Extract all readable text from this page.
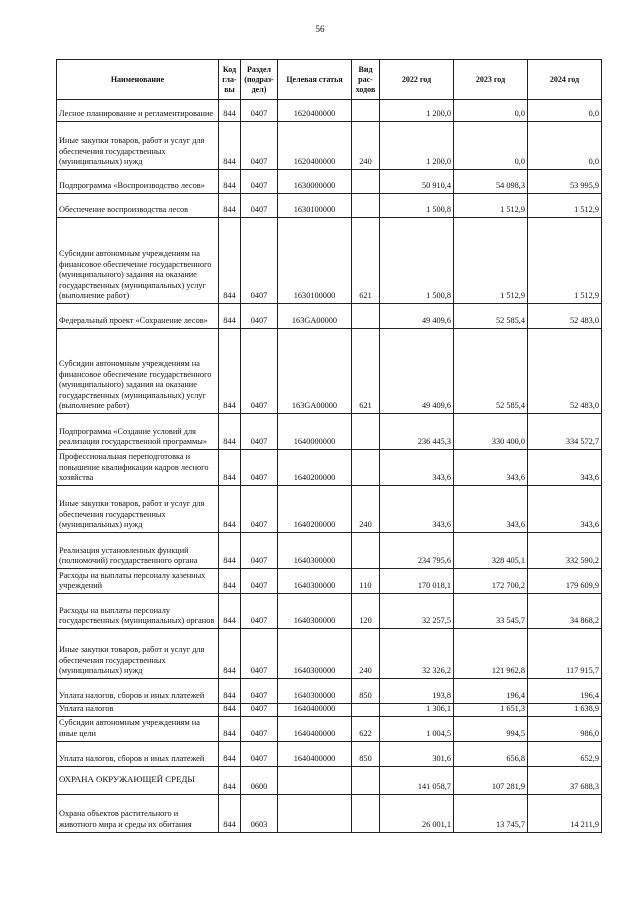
56
Наименование	Код гла-вы	Раздел (подраз-дел)	Целевая статья	Вид рас-ходов	2022 год	2023 год	2024 год
Лесное планирование и регламентирование	844	0407	1620400000		1 200,0	0,0	0,0
Иные закупки товаров, работ и услуг для обеспечения государственных (муниципальных) нужд	844	0407	1620400000	240	1 200,0	0,0	0,0
Подпрограмма «Воспроизводство лесов»	844	0407	1630000000		50 910,4	54 098,3	53 995,9
Обеспечение воспроизводства лесов	844	0407	1630100000		1 500,8	1 512,9	1 512,9
Субсидии автономным учреждениям на финансовое обеспечение государственного (муниципального) задания на оказание государственных (муниципальных) услуг (выполнение работ)	844	0407	1630100000	621	1 500,8	1 512,9	1 512,9
Федеральный проект «Сохранение лесов»	844	0407	163GA00000		49 409,6	52 585,4	52 483,0
Субсидии автономным учреждениям на финансовое обеспечение государственного (муниципального) задания на оказание государственных (муниципальных) услуг (выполнение работ)	844	0407	163GA00000	621	49 409,6	52 585,4	52 483,0
Подпрограмма «Создание условий для реализации государственной программы»	844	0407	1640000000		236 445,3	330 400,0	334 572,7
Профессиональная переподготовка и повышение квалификации кадров лесного хозяйства	844	0407	1640200000		343,6	343,6	343,6
Иные закупки товаров, работ и услуг для обеспечения государственных (муниципальных) нужд	844	0407	1640200000	240	343,6	343,6	343,6
Реализация установленных функций (полномочий) государственного органа	844	0407	1640300000		234 795,6	328 405,1	332 590,2
Расходы на выплаты персоналу казенных учреждений	844	0407	1640300000	110	170 018,1	172 700,2	179 609,9
Расходы на выплаты персоналу государственных (муниципальных) органов	844	0407	1640300000	120	32 257,5	33 545,7	34 868,2
Иные закупки товаров, работ и услуг для обеспечения государственных (муниципальных) нужд	844	0407	1640300000	240	32 326,2	121 962,8	117 915,7
Уплата налогов, сборов и иных платежей	844	0407	1640300000	850	193,8	196,4	196,4
Уплата налогов	844	0407	1640400000		1 306,1	1 651,3	1 638,9
Субсидии автономным учреждениям на иные цели	844	0407	1640400000	622	1 004,5	994,5	986,0
Уплата налогов, сборов и иных платежей	844	0407	1640400000	850	301,6	656,8	652,9
ОХРАНА ОКРУЖАЮЩЕЙ СРЕДЫ	844	0600			141 058,7	107 281,9	37 688,3
Охрана объектов растительного и животного мира и среды их обитания	844	0603			26 001,1	13 745,7	14 211,9
